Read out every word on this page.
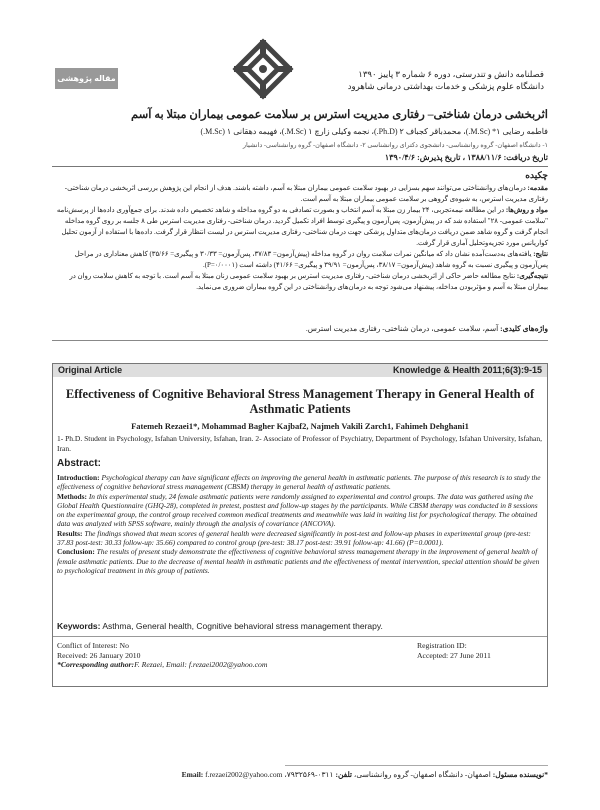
مقاله پژوهشی	فصلنامه دانش و تندرستی، دوره ۶ شماره ۳ پاییز ۱۳۹۰
دانشگاه علوم پزشکی و خدمات بهداشتی درمانی شاهرود
اثربخشی درمان شناختی– رفتاری مدیریت استرس بر سلامت عمومی بیماران مبتلا به آسم
فاطمه رضایی ۱* (M.Sc.)، محمدباقر کجباف ۲ (Ph.D.)، نجمه وکیلی زارچ ۱ (M.Sc.)، فهیمه دهقانی ۱ (M.Sc.)
۱- دانشگاه اصفهان- گروه روانشناسی- دانشجوی دکترای روانشناسی ۲- دانشگاه اصفهان- گروه روانشناسی- دانشیار
تاریخ دریافت: ۱۳۸۸/۱۱/۶ ، تاریخ پذیرش: ۱۳۹۰/۴/۶
چکیده

مقدمه: درمان‌های روانشناختی می‌توانند سهم بسزایی در بهبود سلامت عمومی بیماران مبتلا به آسم، داشته باشند. هدف از انجام این پژوهش بررسی اثربخشی درمان شناختی- رفتاری مدیریت استرس، به شیوه‌ی گروهی بر سلامت عمومی بیماران مبتلا به آسم است.

مواد و روش‌ها: در این مطالعه نیمه‌تجربی، ۲۴ بیمار زن مبتلا به آسم انتخاب و بصورت تصادفی به دو گروه مداخله و شاهد تخصیص داده شدند. برای جمع‌آوری داده‌ها از پرسش‌نامه "سلامت عمومی- ۲۸" استفاده شد که در پیش‌آزمون، پس‌آزمون و پیگیری توسط افراد تکمیل گردید. درمان شناختی- رفتاری مدیریت استرس طی ۸ جلسه بر روی گروه مداخله انجام گرفت و گروه شاهد ضمن دریافت درمان‌های متداول پزشکی جهت درمان شناختی- رفتاری مدیریت استرس در لیست انتظار قرار گرفت. داده‌ها با استفاده از آزمون تحلیل کواریانس مورد تجزیه‌وتحلیل آماری قرار گرفت.

نتایج: یافته‌های به‌دست‌آمده نشان داد که میانگین نمرات سلامت روان در گروه مداخله (پیش‌آزمون= ۳۷/۸۳، پس‌آزمون= ۳۰/۳۳ و پیگیری= ۳۵/۶۶) کاهش معناداری در مراحل پس‌آزمون و پیگیری نسبت به گروه شاهد (پیش‌آزمون= ۳۸/۱۷، پس‌آزمون= ۳۹/۹۱ و پیگیری= ۴۱/۶۶) داشته است (P=۰/۰۰۰۱).

نتیجه‌گیری: نتایج مطالعه حاضر حاکی از اثربخشی درمان شناختی- رفتاری مدیریت استرس بر بهبود سلامت عمومی زنان مبتلا به آسم است. با توجه به کاهش سلامت روان در بیماران مبتلا به آسم و مؤثربودن مداخله، پیشنهاد می‌شود توجه به درمان‌های روانشناختی در این گروه بیماران ضروری می‌نماید.

واژه‌های کلیدی: آسم، سلامت عمومی، درمان شناختی- رفتاری مدیریت استرس.
Original Article	Knowledge & Health 2011;6(3):9-15
Effectiveness of Cognitive Behavioral Stress Management Therapy in General Health of Asthmatic Patients
Fatemeh Rezaei1*, Mohammad Bagher Kajbaf2, Najmeh Vakili Zarch1, Fahimeh Dehghani1
1- Ph.D. Student in Psychology, Isfahan University, Isfahan, Iran. 2- Associate of Professor of Psychiatry, Department of Psychology, Isfahan University, Isfahan, Iran.
Abstract:

Introduction: Psychological therapy can have significant effects on improving the general health in asthmatic patients. The purpose of this research is to study the effectiveness of cognitive behavioral stress management (CBSM) therapy in general health of asthmatic patients.

Methods: In this experimental study, 24 female asthmatic patients were randomly assigned to experimental and control groups. The data was gathered using the Global Health Questionnaire (GHQ-28), completed in pretest, posttest and follow-up stages by the participants. While CBSM therapy was conducted in 8 sessions on the experimental group, the control group received common medical treatments and meanwhile was laid in waiting list for psychological therapy. The obtained data was analyzed with SPSS software, mainly through the analysis of covariance (ANCOVA).

Results: The findings showed that mean scores of general health were decreased significantly in post-test and follow-up phases in experimental group (pre-test: 37.83 post-test: 30.33 follow-up: 35.66) compared to control group (pre-test: 38.17 post-test: 39.91 follow-up: 41.66) (P=0.0001).

Conclusion: The results of present study demonstrate the effectiveness of cognitive behavioral stress management therapy in the improvement of general health of female asthmatic patients. Due to the decrease of mental health in asthmatic patients and the effectiveness of mental intervention, special attention should be given to psychological treatment in this group of patients.

Keywords: Asthma, General health, Cognitive behavioral stress management therapy.
Conflict of Interest: No
Received: 26 January 2010
Registration ID:
Accepted: 27 June 2011
*Corresponding author:F. Rezaei, Email: f.rezaei2002@yahoo.com
*نویسنده مسئول: اصفهان- دانشگاه اصفهان- گروه روانشناسی، تلفن: ۰۳۱۱-۷۹۳۲۵۶۹، Email: f.rezaei2002@yahoo.com
